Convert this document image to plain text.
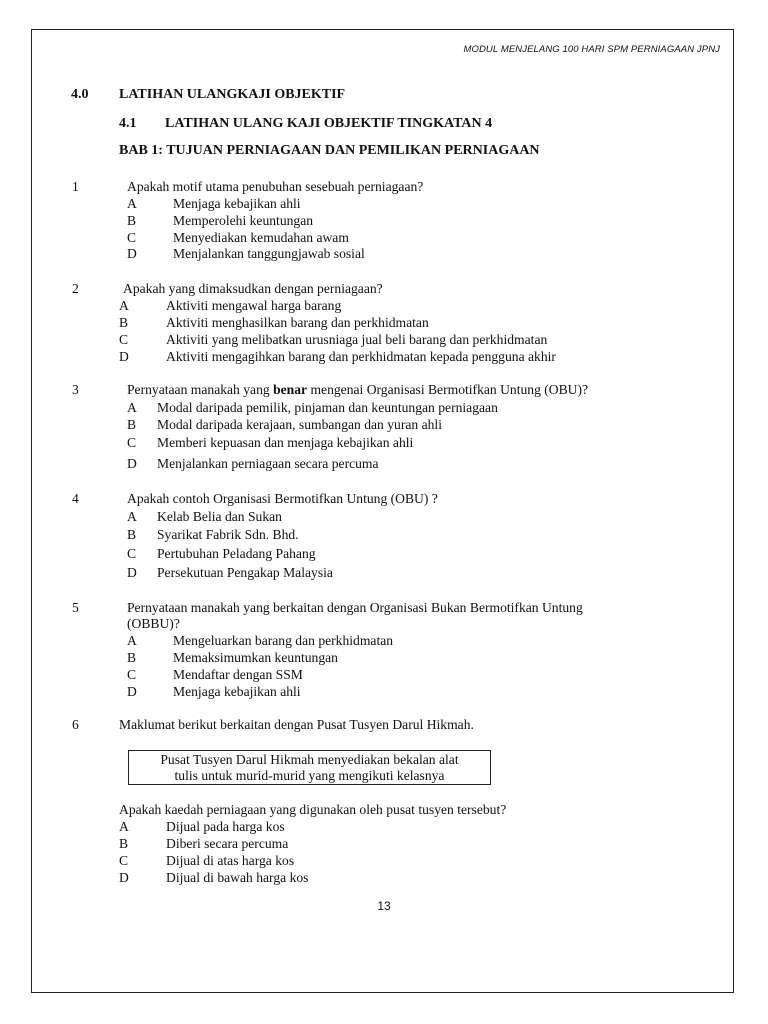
MODUL MENJELANG 100 HARI SPM PERNIAGAAN JPNJ
4.0 LATIHAN ULANGKAJI OBJEKTIF
4.1 LATIHAN ULANG KAJI OBJEKTIF TINGKATAN 4
BAB 1: TUJUAN PERNIAGAAN DAN PEMILIKAN PERNIAGAAN
1	Apakah motif utama penubuhan sesebuah perniagaan?
A	Menjaga kebajikan ahli
B	Memperolehi keuntungan
C	Menyediakan kemudahan awam
D	Menjalankan tanggungjawab sosial
2	Apakah yang dimaksudkan dengan perniagaan?
A	Aktiviti mengawal harga barang
B	Aktiviti menghasilkan barang dan perkhidmatan
C	Aktiviti yang melibatkan urusniaga jual beli barang dan perkhidmatan
D	Aktiviti mengagihkan barang dan perkhidmatan kepada pengguna akhir
3	Pernyataan manakah yang benar mengenai Organisasi Bermotifkan Untung (OBU)?
A Modal daripada pemilik, pinjaman dan keuntungan perniagaan
B Modal daripada kerajaan, sumbangan dan yuran ahli
C Memberi kepuasan dan menjaga kebajikan ahli
D Menjalankan perniagaan secara percuma
4	Apakah contoh Organisasi Bermotifkan Untung (OBU) ?
A Kelab Belia dan Sukan
B Syarikat Fabrik Sdn. Bhd.
C Pertubuhan Peladang Pahang
D Persekutuan Pengakap Malaysia
5	Pernyataan manakah yang berkaitan dengan Organisasi Bukan Bermotifkan Untung
(OBBU)?
A	Mengeluarkan barang dan perkhidmatan
B	Memaksimumkan keuntungan
C	Mendaftar dengan SSM
D	Menjaga kebajikan ahli
6	Maklumat berikut berkaitan dengan Pusat Tusyen Darul Hikmah.
Pusat Tusyen Darul Hikmah menyediakan bekalan alat
tulis untuk murid-murid yang mengikuti kelasnya
Apakah kaedah perniagaan yang digunakan oleh pusat tusyen tersebut?
A	Dijual pada harga kos
B	Diberi secara percuma
C	Dijual di atas harga kos
D	Dijual di bawah harga kos
13
